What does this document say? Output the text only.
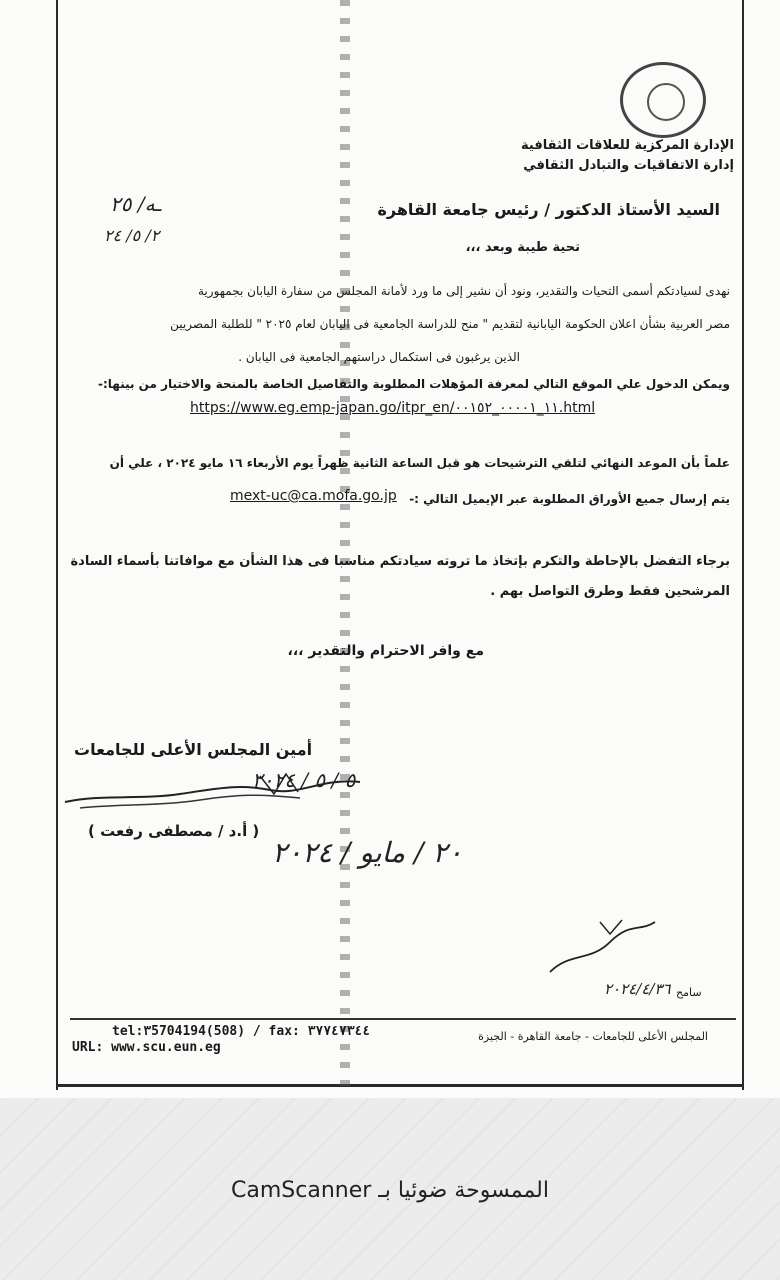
الإدارة المركزية للعلاقات الثقافية
إدارة الاتفاقيات والتبادل الثقافي
ـه/ ٢٥
٢/ ٥/ ٢٤
السيد الأستاذ الدكتور / رئيس جامعة القاهرة
تحية طيبة وبعد ،،،
نهدى لسيادتكم أسمى التحيات والتقدير، ونود أن نشير إلى ما ورد لأمانة المجلس من سفارة اليابان بجمهورية
مصر العربية بشأن اعلان الحكومة اليابانية لتقديم " منح للدراسة الجامعية فى اليابان لعام ٢٠٢٥ " للطلبة المصريين
الذين يرغبون فى استكمال دراستهم الجامعية فى اليابان .
ويمكن الدخول علي الموقع التالي لمعرفة المؤهلات المطلوبة والتفاصيل الخاصة بالمنحة والاختيار من بينها:-
https://www.eg.emp-japan.go/itpr_en/١١_٠٠٠٠١_٠٠١٥٢.html
علماً بأن الموعد النهائي لتلقي الترشيحات هو قبل الساعة الثانية ظهراً يوم الأربعاء ١٦ مايو ٢٠٢٤ ، علي أن
يتم إرسال جميع الأوراق المطلوبة عبر الإيميل التالي :-
mext-uc@ca.mofa.go.jp
برجاء التفضل بالإحاطة والتكرم بإتخاذ ما تروته سيادتكم مناسبا فى هذا الشأن مع موافاتنا بأسماء السادة
المرشحين فقط وطرق التواصل بهم .
مع وافر الاحترام والتقدير ،،،
أمين المجلس الأعلى للجامعات
٥ / ٥ / ٢٠٢٤
( أ.د / مصطفى رفعت )
٢٠ / مايو / ٢٠٢٤
سامح
٢٠٢٤/٤/٣٦
tel:٣5704194(508) / fax: ٣٧٧٤٧٣٤٤
URL: www.scu.eun.eg
المجلس الأعلى للجامعات - جامعة القاهرة - الجيزة
الممسوحة ضوئيا بـ CamScanner
